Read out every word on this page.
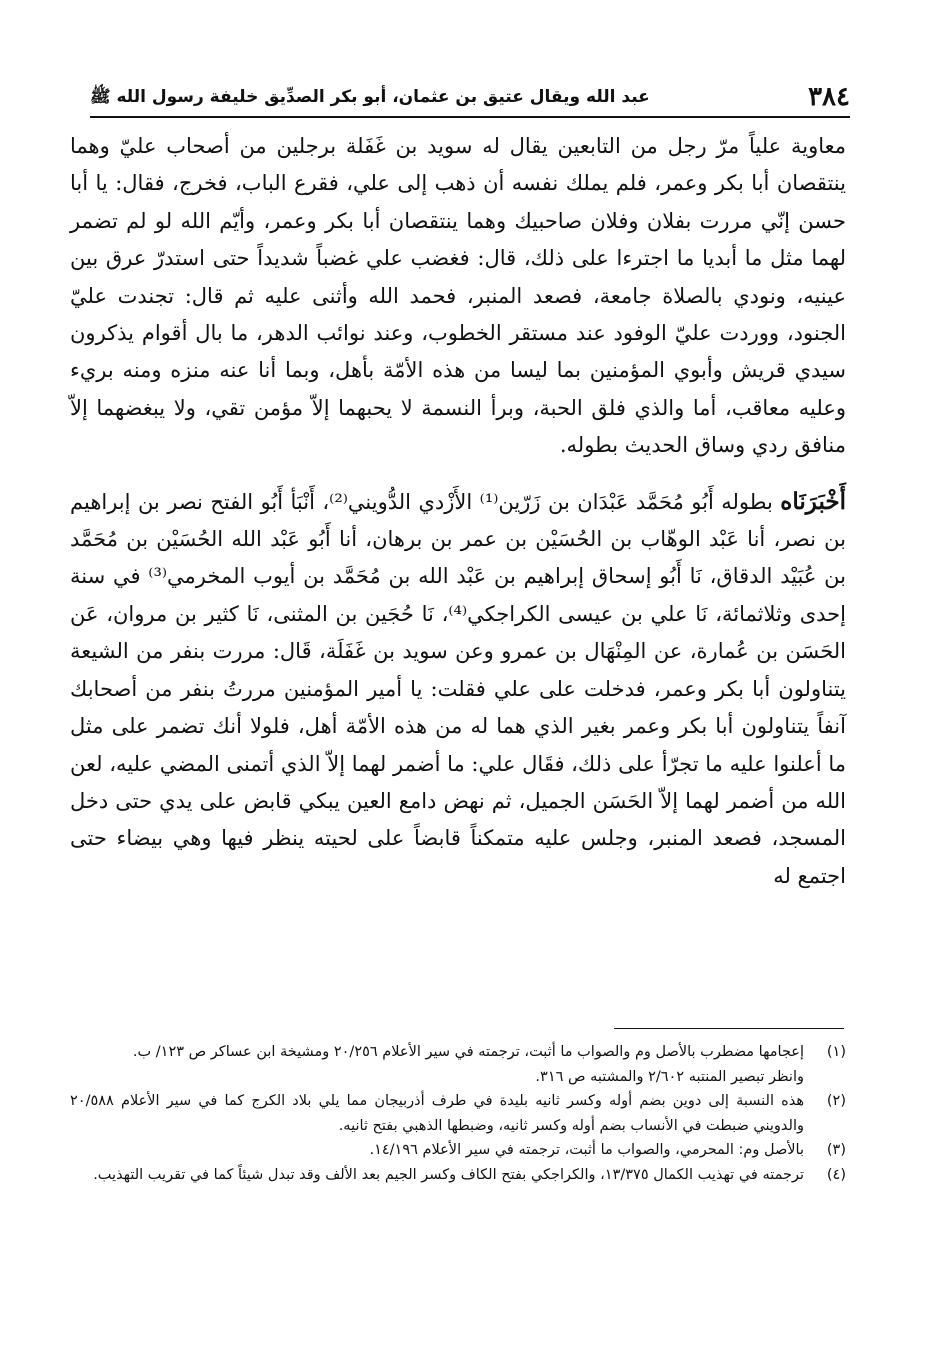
٣٨٤
عبد الله ويقال عتيق بن عثمان، أبو بكر الصدِّيق خليفة رسول الله ﷺ

معاوية علياً مرّ رجل من التابعين يقال له سويد بن غَفَلة برجلين من أصحاب عليّ وهما ينتقصان أبا بكر وعمر، فلم يملك نفسه أن ذهب إلى علي، فقرع الباب، فخرج، فقال: يا أبا حسن إنّي مررت بفلان وفلان صاحبيك وهما ينتقصان أبا بكر وعمر، وأيّم الله لو لم تضمر لهما مثل ما أبديا ما اجترءا على ذلك، قال: فغضب علي غضباً شديداً حتى استدرّ عرق بين عينيه، ونودي بالصلاة جامعة، فصعد المنبر، فحمد الله وأثنى عليه ثم قال: تجندت عليّ الجنود، ووردت عليّ الوفود عند مستقر الخطوب، وعند نوائب الدهر، ما بال أقوام يذكرون سيدي قريش وأبوي المؤمنين بما ليسا من هذه الأمّة بأهل، وبما أنا عنه منزه ومنه بريء وعليه معاقب، أما والذي فلق الحبة، وبرأ النسمة لا يحبهما إلاّ مؤمن تقي، ولا يبغضهما إلاّ منافق ردي وساق الحديث بطوله.

أَخْبَرَنَاه بطوله أَبُو مُحَمَّد عَبْدَان بن زَرّين⁽¹⁾ الأَزْدي الدُّويني⁽²⁾، أَنْبَأ أَبُو الفتح نصر بن إبراهيم بن نصر، أنا عَبْد الوهّاب بن الحُسَيْن بن عمر بن برهان، أنا أَبُو عَبْد الله الحُسَيْن بن مُحَمَّد بن عُبَيْد الدقاق، نَا أَبُو إسحاق إبراهيم بن عَبْد الله بن مُحَمَّد بن أيوب المخرمي⁽³⁾ في سنة إحدى وثلاثمائة، نَا علي بن عيسى الكراجكي⁽⁴⁾، نَا حُجَين بن المثنى، نَا كثير بن مروان، عَن الحَسَن بن عُمارة، عن المِنْهَال بن عمرو وعن سويد بن غَفَلَة، قَال: مررت بنفر من الشيعة يتناولون أبا بكر وعمر، فدخلت على علي فقلت: يا أمير المؤمنين مررتُ بنفر من أصحابك آنفاً يتناولون أبا بكر وعمر بغير الذي هما له من هذه الأمّة أهل، فلولا أنك تضمر على مثل ما أعلنوا عليه ما تجرّأ على ذلك، فقَال علي: ما أضمر لهما إلاّ الذي أتمنى المضي عليه، لعن الله من أضمر لهما إلاّ الحَسَن الجميل، ثم نهض دامع العين يبكي قابض على يدي حتى دخل المسجد، فصعد المنبر، وجلس عليه متمكناً قابضاً على لحيته ينظر فيها وهي بيضاء حتى اجتمع له

(١)
إعجامها مضطرب بالأصل وم والصواب ما أثبت، ترجمته في سير الأعلام ٢٠/٢٥٦ ومشيخة ابن عساكر ص ١٢٣/ ب.

وانظر تبصير المنتبه ٢/٦٠٢ والمشتبه ص ٣١٦.

(٢)
هذه النسبة إلى دوين بضم أوله وكسر ثانيه بليدة في طرف أذربيجان مما يلي بلاد الكرج كما في سير الأعلام ٢٠/٥٨٨ والدويني ضبطت في الأنساب بضم أوله وكسر ثانيه، وضبطها الذهبي بفتح ثانيه.
(٣)
بالأصل وم: المحرمي، والصواب ما أثبت، ترجمته في سير الأعلام ١٤/١٩٦.
(٤)
ترجمته في تهذيب الكمال ١٣/٣٧٥، والكراجكي بفتح الكاف وكسر الجيم بعد الألف وقد تبدل شيئاً كما في تقريب التهذيب.
